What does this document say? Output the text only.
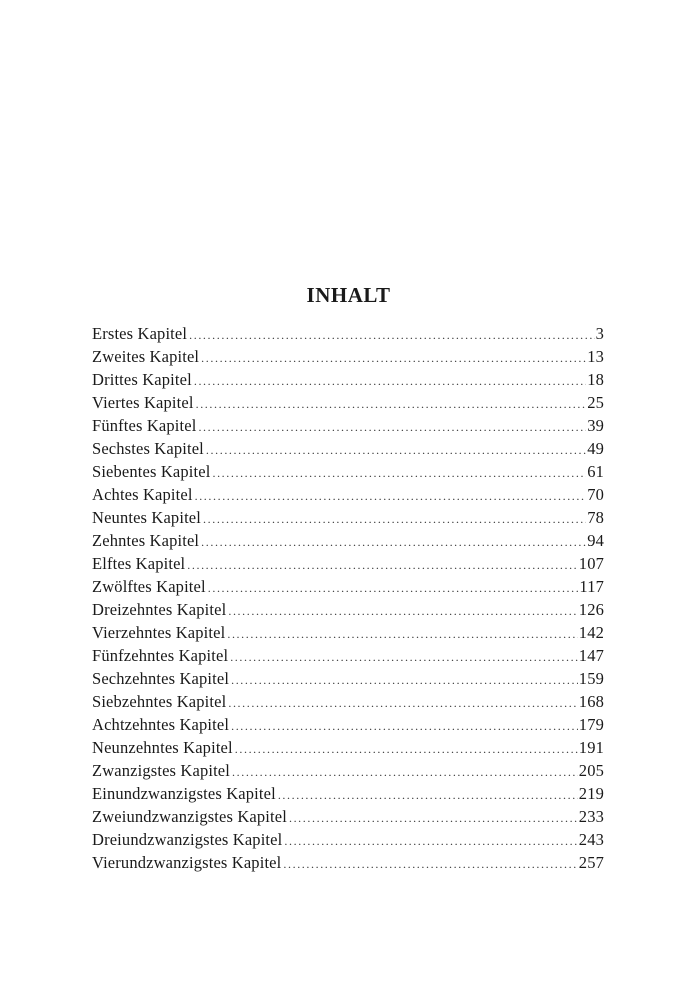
INHALT
Erstes Kapitel .....	3
Zweites Kapitel .....	13
Drittes Kapitel .....	18
Viertes Kapitel .....	25
Fünftes Kapitel .....	39
Sechstes Kapitel .....	49
Siebentes Kapitel .....	61
Achtes Kapitel .....	70
Neuntes Kapitel .....	78
Zehntes Kapitel .....	94
Elftes Kapitel .....	107
Zwölftes Kapitel .....	117
Dreizehntes Kapitel .....	126
Vierzehntes Kapitel .....	142
Fünfzehntes Kapitel .....	147
Sechzehntes Kapitel .....	159
Siebzehntes Kapitel .....	168
Achtzehntes Kapitel .....	179
Neunzehntes Kapitel .....	191
Zwanzigstes Kapitel .....	205
Einundzwanzigstes Kapitel .....	219
Zweiundzwanzigstes Kapitel .....	233
Dreiundzwanzigstes Kapitel .....	243
Vierundzwanzigstes Kapitel .....	257
